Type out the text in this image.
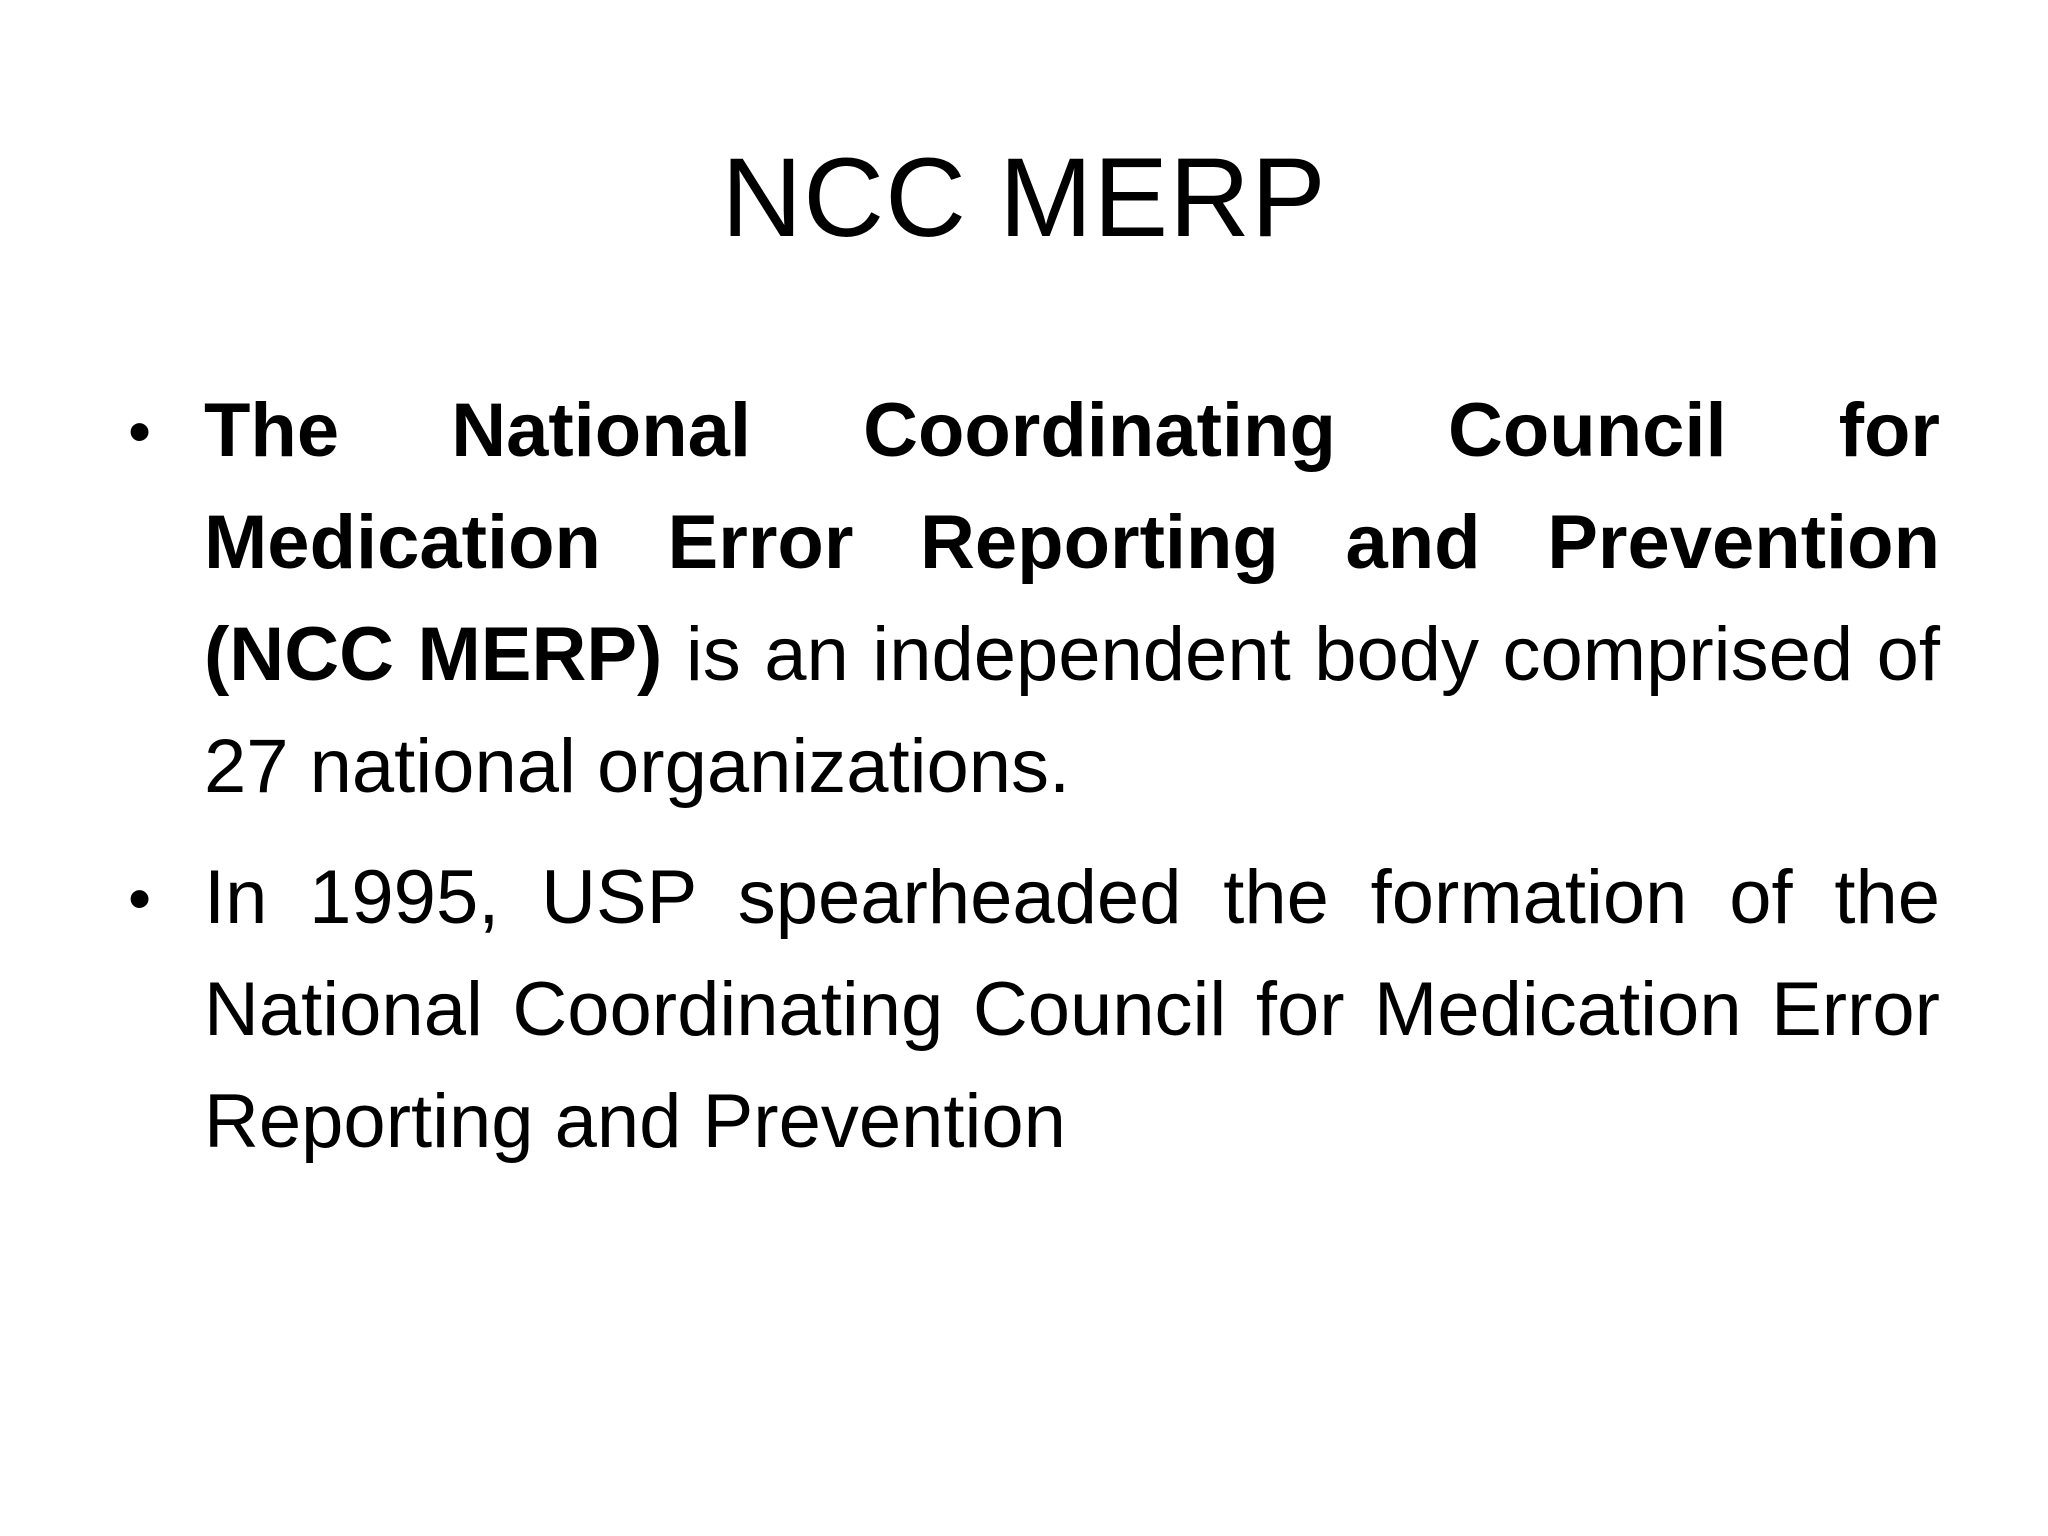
NCC MERP
• The National Coordinating Council for Medication Error Reporting and Prevention (NCC MERP) is an independent body comprised of 27 national organizations.
• In 1995, USP spearheaded the formation of the National Coordinating Council for Medication Error Reporting and Prevention
